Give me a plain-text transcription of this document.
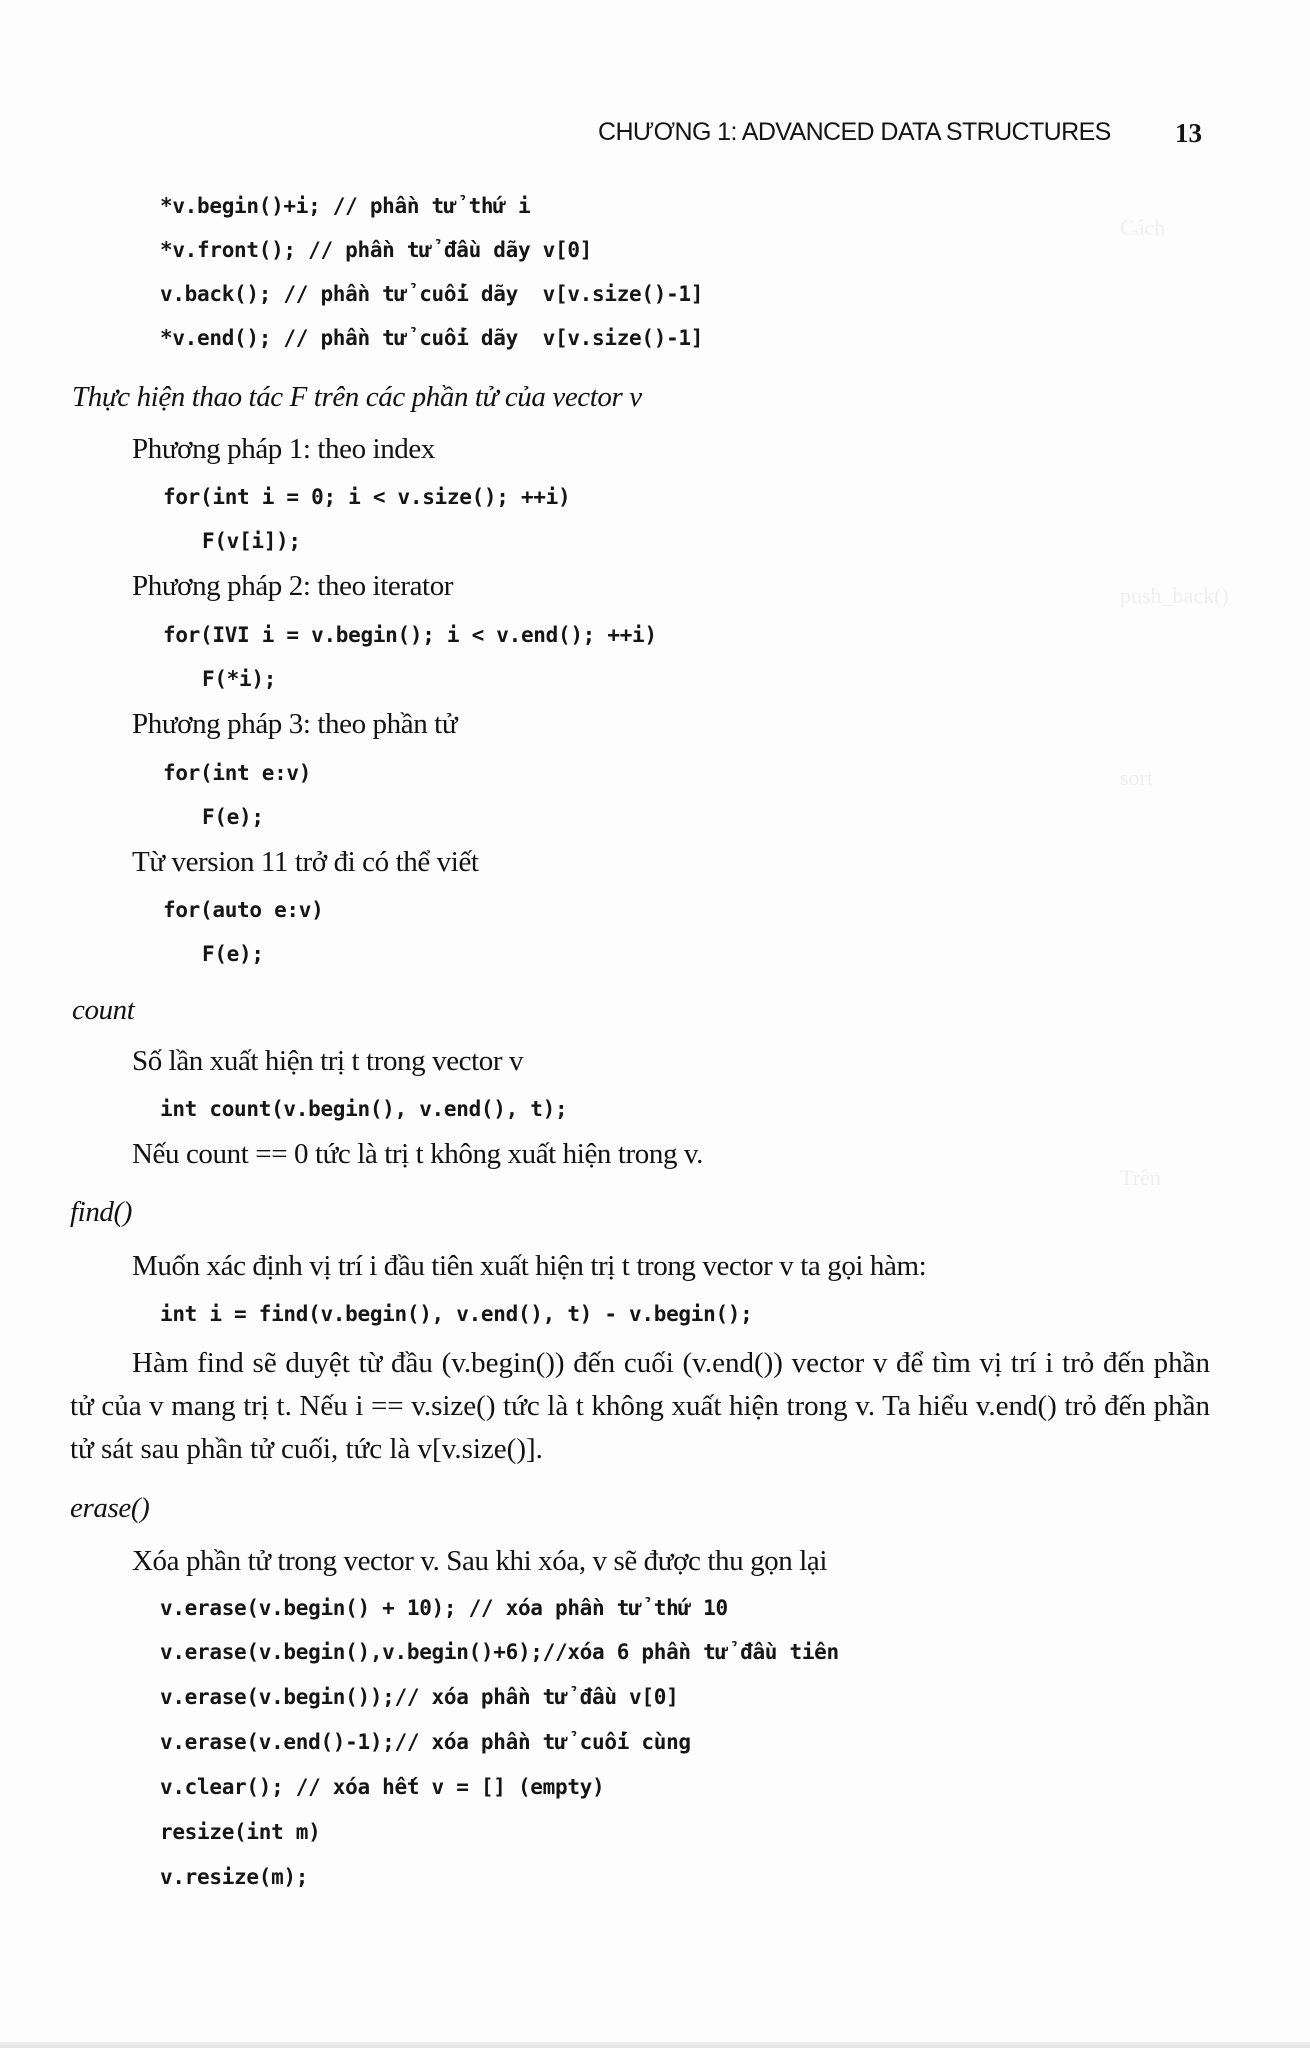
Cách
push_back()
sort
Trên
CHƯƠNG 1: ADVANCED DATA STRUCTURES 13
*v.begin()+i; // phần tử thứ i
*v.front(); // phần tử đầu dãy v[0]
v.back(); // phần tử cuối dãy  v[v.size()-1]
*v.end(); // phần tử cuối dãy  v[v.size()-1]
Thực hiện thao tác F trên các phần tử của vector v
Phương pháp 1: theo index
for(int i = 0; i < v.size(); ++i)
F(v[i]);
Phương pháp 2: theo iterator
for(IVI i = v.begin(); i < v.end(); ++i)
F(*i);
Phương pháp 3: theo phần tử
for(int e:v)
F(e);
Từ version 11 trở đi có thể viết
for(auto e:v)
F(e);
count
Số lần xuất hiện trị t trong vector v
int count(v.begin(), v.end(), t);
Nếu count == 0 tức là trị t không xuất hiện trong v.
find()
Muốn xác định vị trí i đầu tiên xuất hiện trị t trong vector v ta gọi hàm:
int i = find(v.begin(), v.end(), t) - v.begin();
Hàm find sẽ duyệt từ đầu (v.begin()) đến cuối (v.end()) vector v để tìm vị trí i trỏ đến phần tử của v mang trị t. Nếu i == v.size() tức là t không xuất hiện trong v. Ta hiểu v.end() trỏ đến phần tử sát sau phần tử cuối, tức là v[v.size()].
erase()
Xóa phần tử trong vector v. Sau khi xóa, v sẽ được thu gọn lại
v.erase(v.begin() + 10); // xóa phần tử thứ 10
v.erase(v.begin(),v.begin()+6);//xóa 6 phần tử đầu tiên
v.erase(v.begin());// xóa phần tử đầu v[0]
v.erase(v.end()-1);// xóa phần tử cuối cùng
v.clear(); // xóa hết v = [] (empty)
resize(int m)
v.resize(m);
